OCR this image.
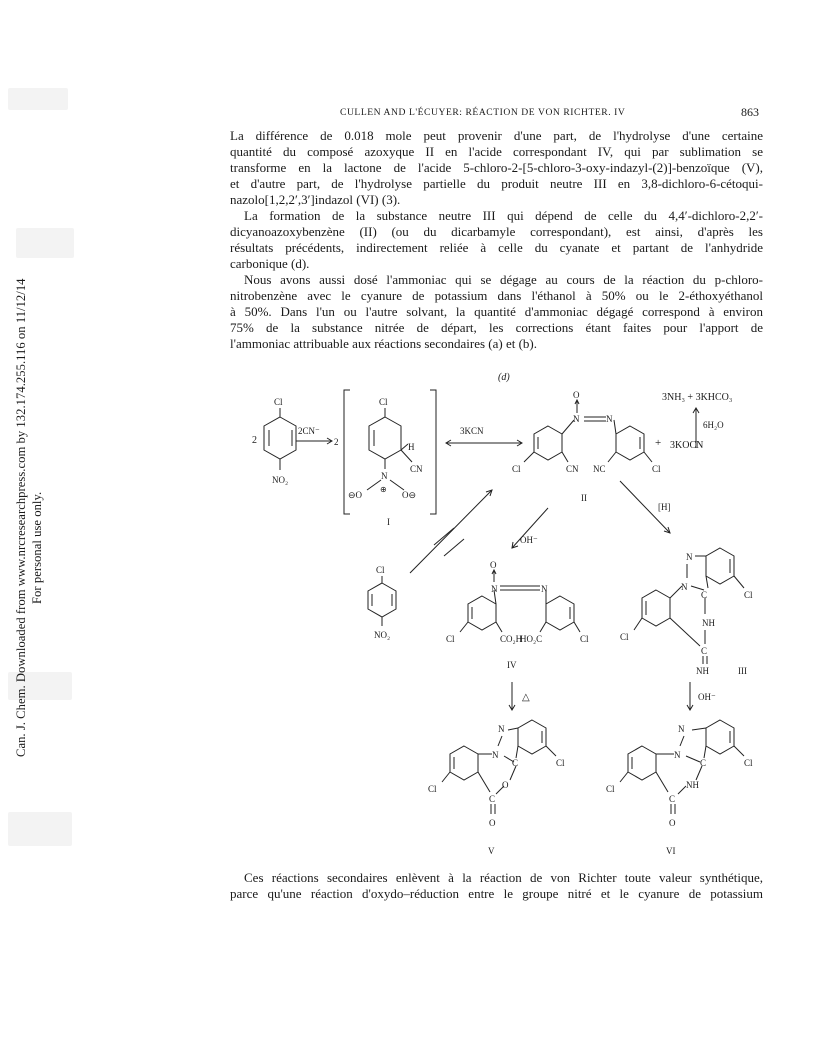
Can. J. Chem. Downloaded from www.nrcresearchpress.com by 132.174.255.116 on 11/12/14 For personal use only.
CULLEN AND L'ÉCUYER: RÉACTION DE VON RICHTER. IV	863
La différence de 0.018 mole peut provenir d'une part, de l'hydrolyse d'une certaine
quantité du composé azoxyque II en l'acide correspondant IV, qui par sublimation se
transforme en la lactone de l'acide 5-chloro-2-[5-chloro-3-oxy-indazyl-(2)]-benzoïque (V),
et d'autre part, de l'hydrolyse partielle du produit neutre III en 3,8-dichloro-6-cétoqui-
nazolo[1,2,2′,3′]indazol (VI) (3).
La formation de la substance neutre III qui dépend de celle du 4,4′-dichloro-2,2′-
dicyanoazoxybenzène (II) (ou du dicarbamyle correspondant), est ainsi, d'après les
résultats précédents, indirectement reliée à celle du cyanate et partant de l'anhydride
carbonique (d).
Nous avons aussi dosé l'ammoniac qui se dégage au cours de la réaction du p-chloro-
nitrobenzène avec le cyanure de potassium dans l'éthanol à 50% ou le 2-éthoxyéthanol
à 50%. Dans l'un ou l'autre solvant, la quantité d'ammoniac dégagé correspond à environ
75% de la substance nitrée de départ, les corrections étant faites pour l'apport de
l'ammoniac attribuable aux réactions secondaires (a) et (b).
(d)
Cl
NO₂
2
2CN⁻
2
Cl
H
CN
N
⊕
⊖O	O⊖
I
3KCN
N	N
O
Cl	CN NC	Cl
II
3NH₃ + 3KHCO₃
6H₂O
+ 3KOCN
OH⁻
[H]
Cl
NO₂
N	N
O
Cl	CO₂H
HO₂C	Cl
IV
N
N
C
NH
C
NH
Cl
Cl
III
△	OH⁻
N
N
C
O
C
O
Cl
Cl
V
N
N
C
NH
C
O
Cl
Cl
VI
Ces réactions secondaires enlèvent à la réaction de von Richter toute valeur synthétique,
parce qu'une réaction d'oxydo–réduction entre le groupe nitré et le cyanure de potassium
